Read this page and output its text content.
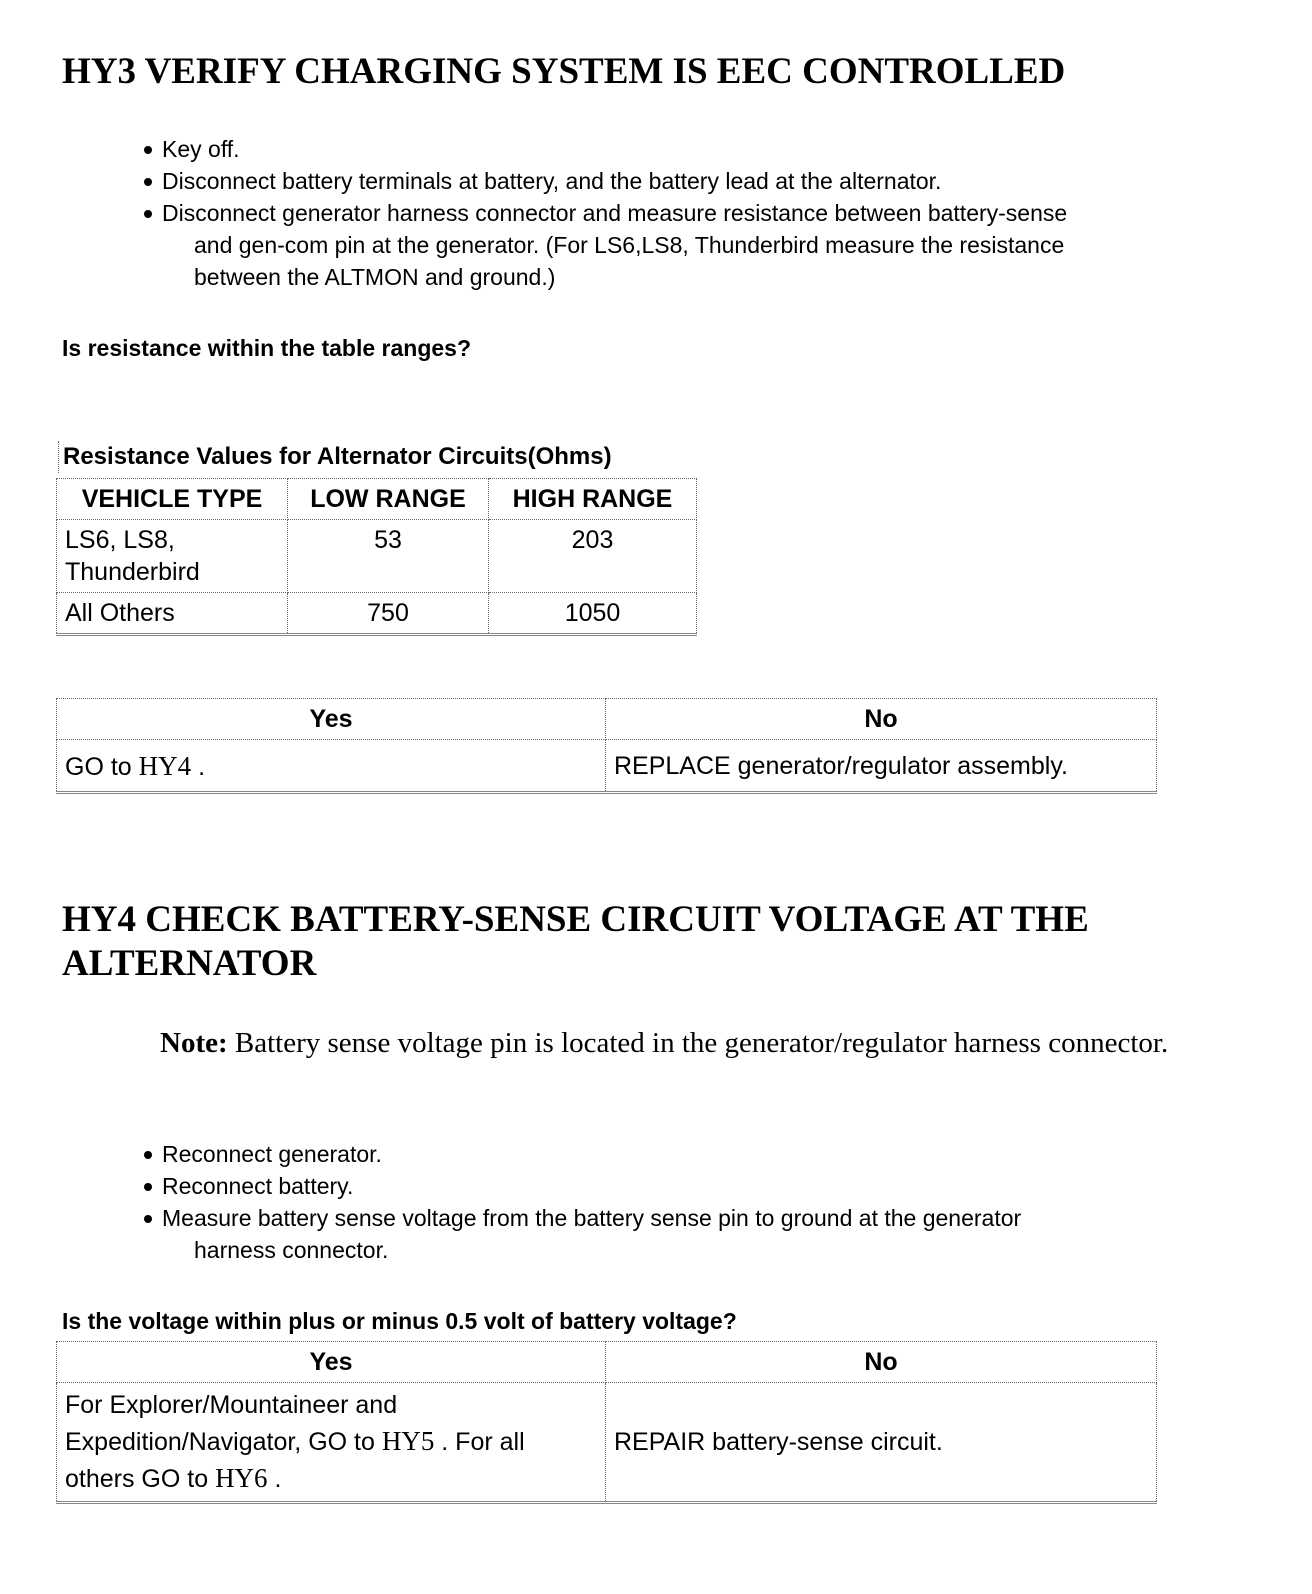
HY3 VERIFY CHARGING SYSTEM IS EEC CONTROLLED
Key off.
Disconnect battery terminals at battery, and the battery lead at the alternator.
Disconnect generator harness connector and measure resistance between battery-sense
and gen-com pin at the generator. (For LS6,LS8, Thunderbird measure the resistance
between the ALTMON and ground.)
Is resistance within the table ranges?
Resistance Values for Alternator Circuits(Ohms)
VEHICLE TYPE	LOW RANGE	HIGH RANGE
LS6, LS8,
Thunderbird	53	203
All Others	750	1050
Yes	No
GO to HY4 .	REPLACE generator/regulator assembly.
HY4 CHECK BATTERY-SENSE CIRCUIT VOLTAGE AT THE
ALTERNATOR
Note: Battery sense voltage pin is located in the generator/regulator harness connector.
Reconnect generator.
Reconnect battery.
Measure battery sense voltage from the battery sense pin to ground at the generator
harness connector.
Is the voltage within plus or minus 0.5 volt of battery voltage?
Yes	No
For Explorer/Mountaineer and
Expedition/Navigator, GO to HY5 . For all
others GO to HY6 .	REPAIR battery-sense circuit.
